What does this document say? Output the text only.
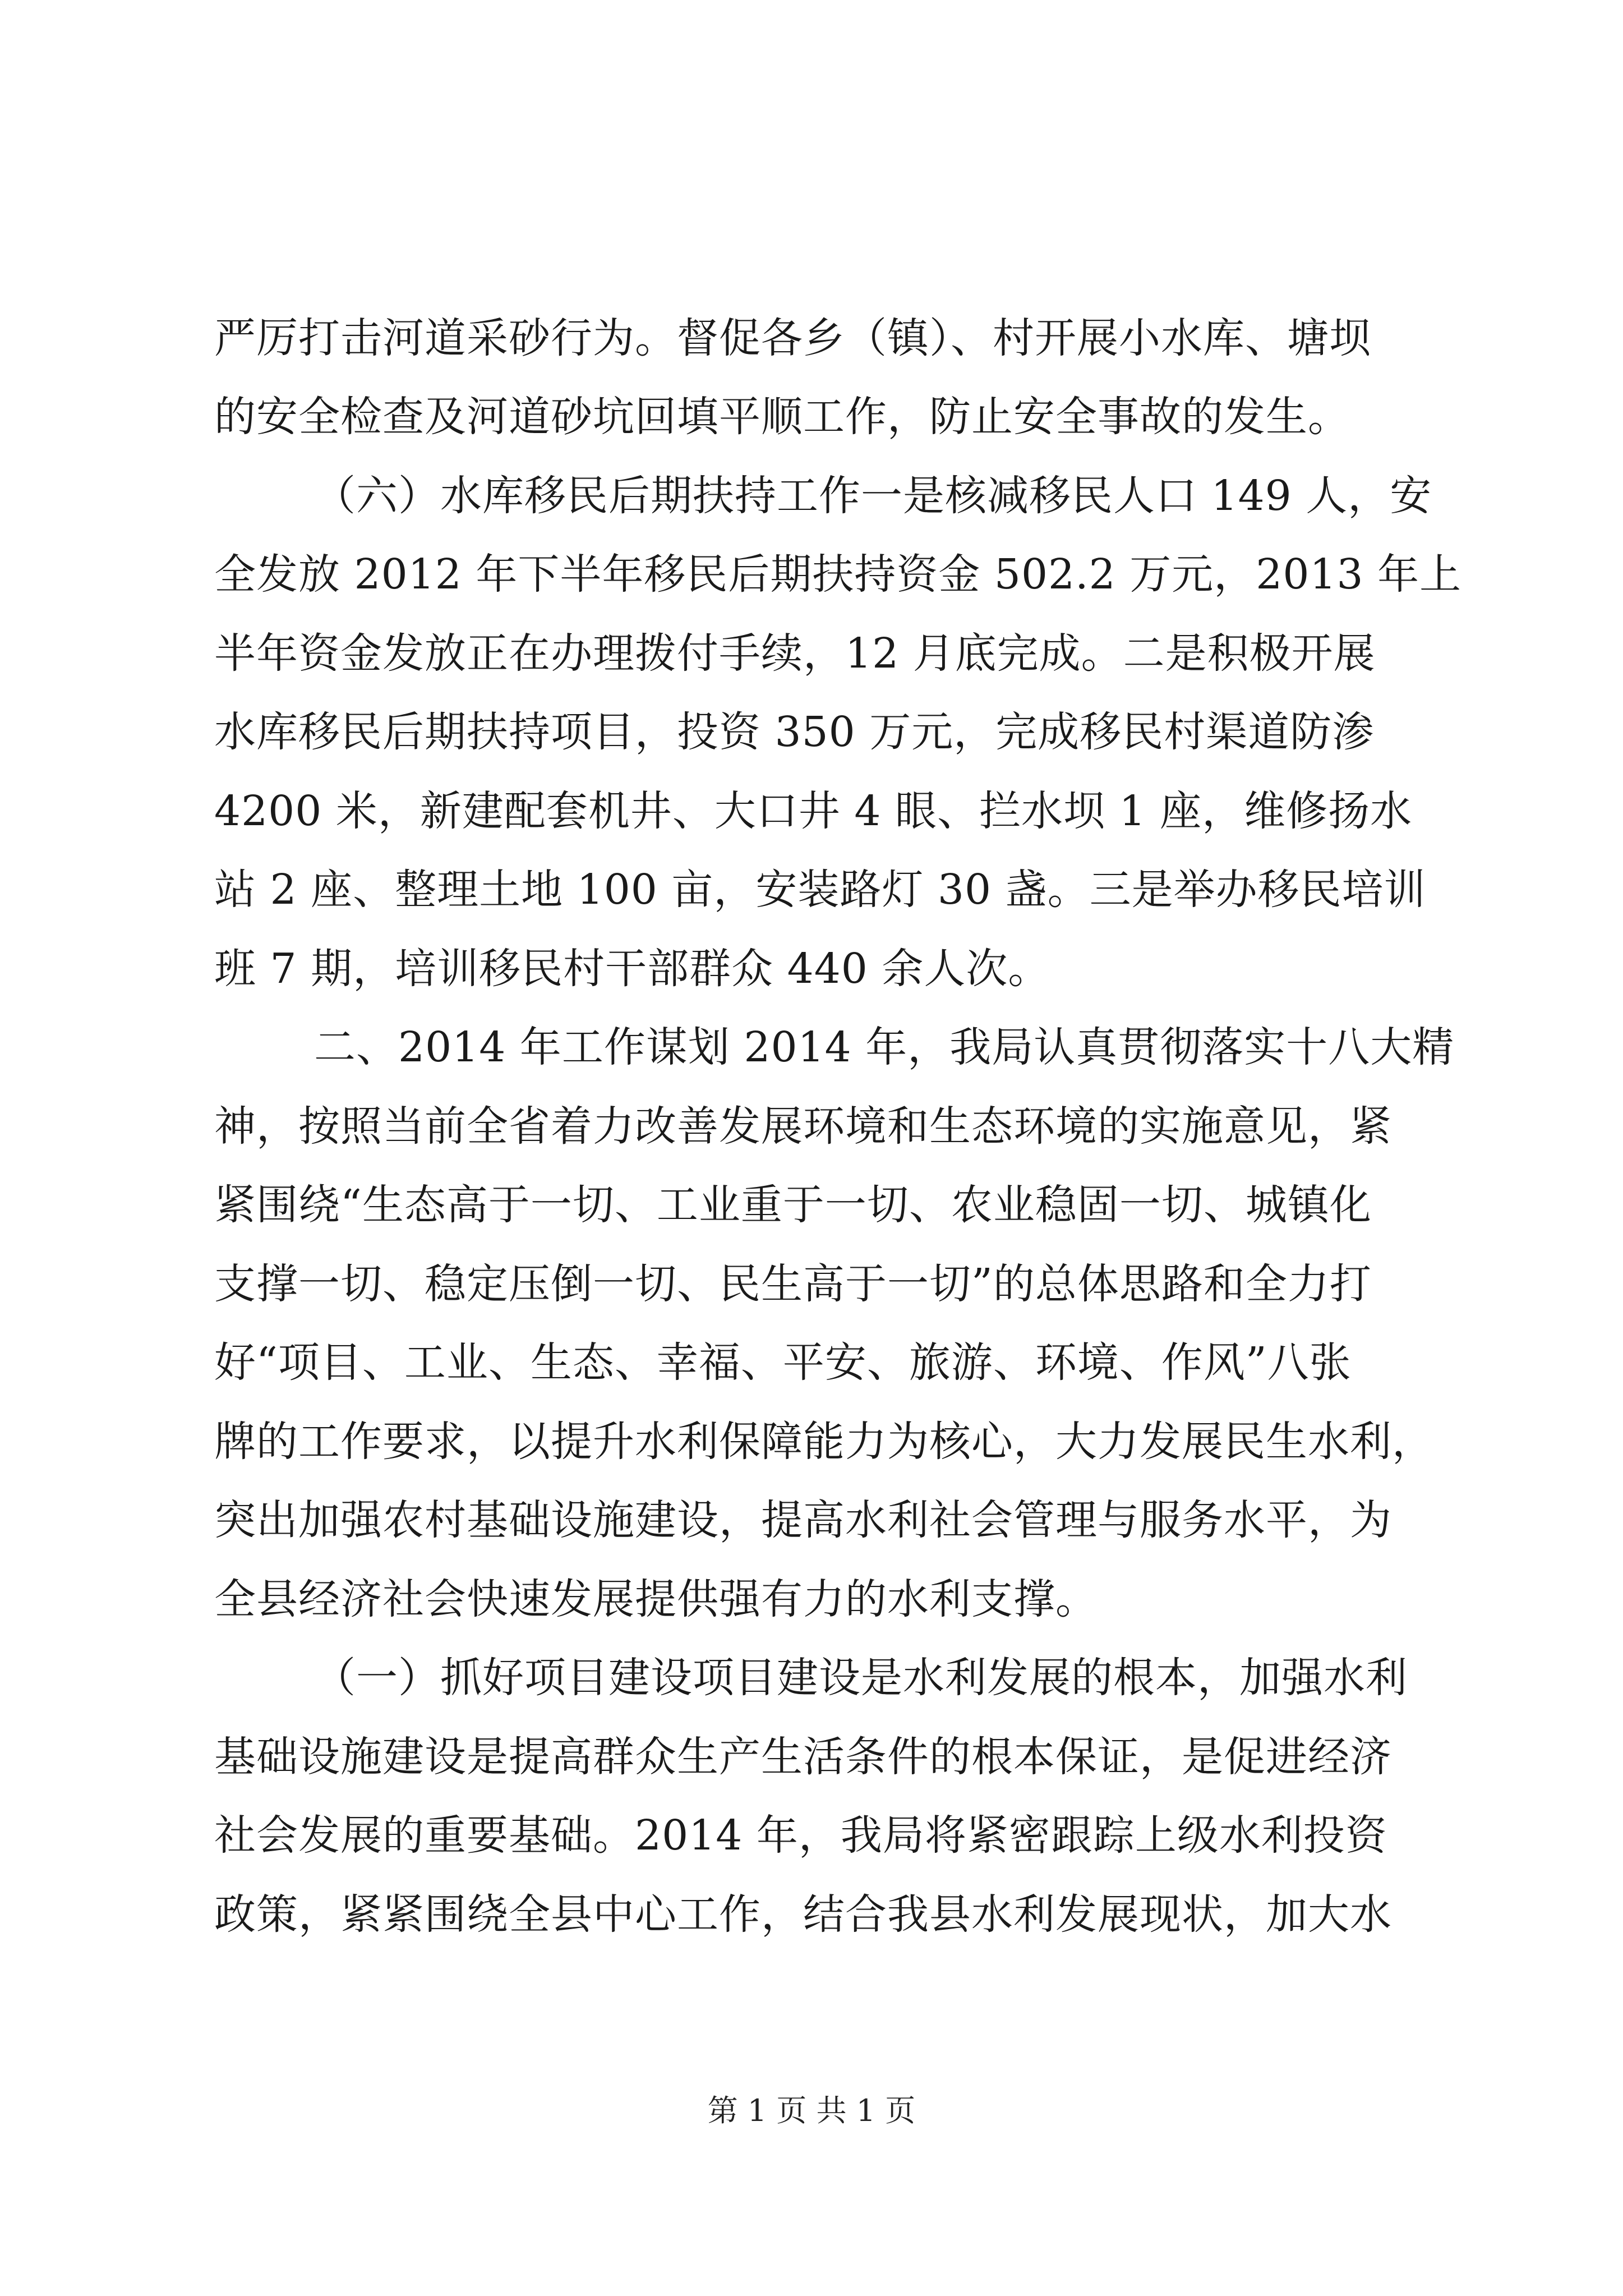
严厉打击河道采砂行为。督促各乡（镇）、村开展小水库、塘坝
的安全检查及河道砂坑回填平顺工作，防止安全事故的发生。
（六）水库移民后期扶持工作一是核减移民人口 149 人，安
全发放 2012 年下半年移民后期扶持资金 502.2 万元，2013 年上
半年资金发放正在办理拨付手续，12 月底完成。二是积极开展
水库移民后期扶持项目，投资 350 万元，完成移民村渠道防渗
4200 米，新建配套机井、大口井 4 眼、拦水坝 1 座，维修扬水
站 2 座、整理土地 100 亩，安装路灯 30 盏。三是举办移民培训
班 7 期，培训移民村干部群众 440 余人次。
二、2014 年工作谋划 2014 年，我局认真贯彻落实十八大精
神，按照当前全省着力改善发展环境和生态环境的实施意见，紧
紧围绕“生态高于一切、工业重于一切、农业稳固一切、城镇化
支撑一切、稳定压倒一切、民生高于一切”的总体思路和全力打
好“项目、工业、生态、幸福、平安、旅游、环境、作风”八张
牌的工作要求，以提升水利保障能力为核心，大力发展民生水利，
突出加强农村基础设施建设，提高水利社会管理与服务水平，为
全县经济社会快速发展提供强有力的水利支撑。
（一）抓好项目建设项目建设是水利发展的根本，加强水利
基础设施建设是提高群众生产生活条件的根本保证，是促进经济
社会发展的重要基础。2014 年，我局将紧密跟踪上级水利投资
政策，紧紧围绕全县中心工作，结合我县水利发展现状，加大水
第 1 页 共 1 页
